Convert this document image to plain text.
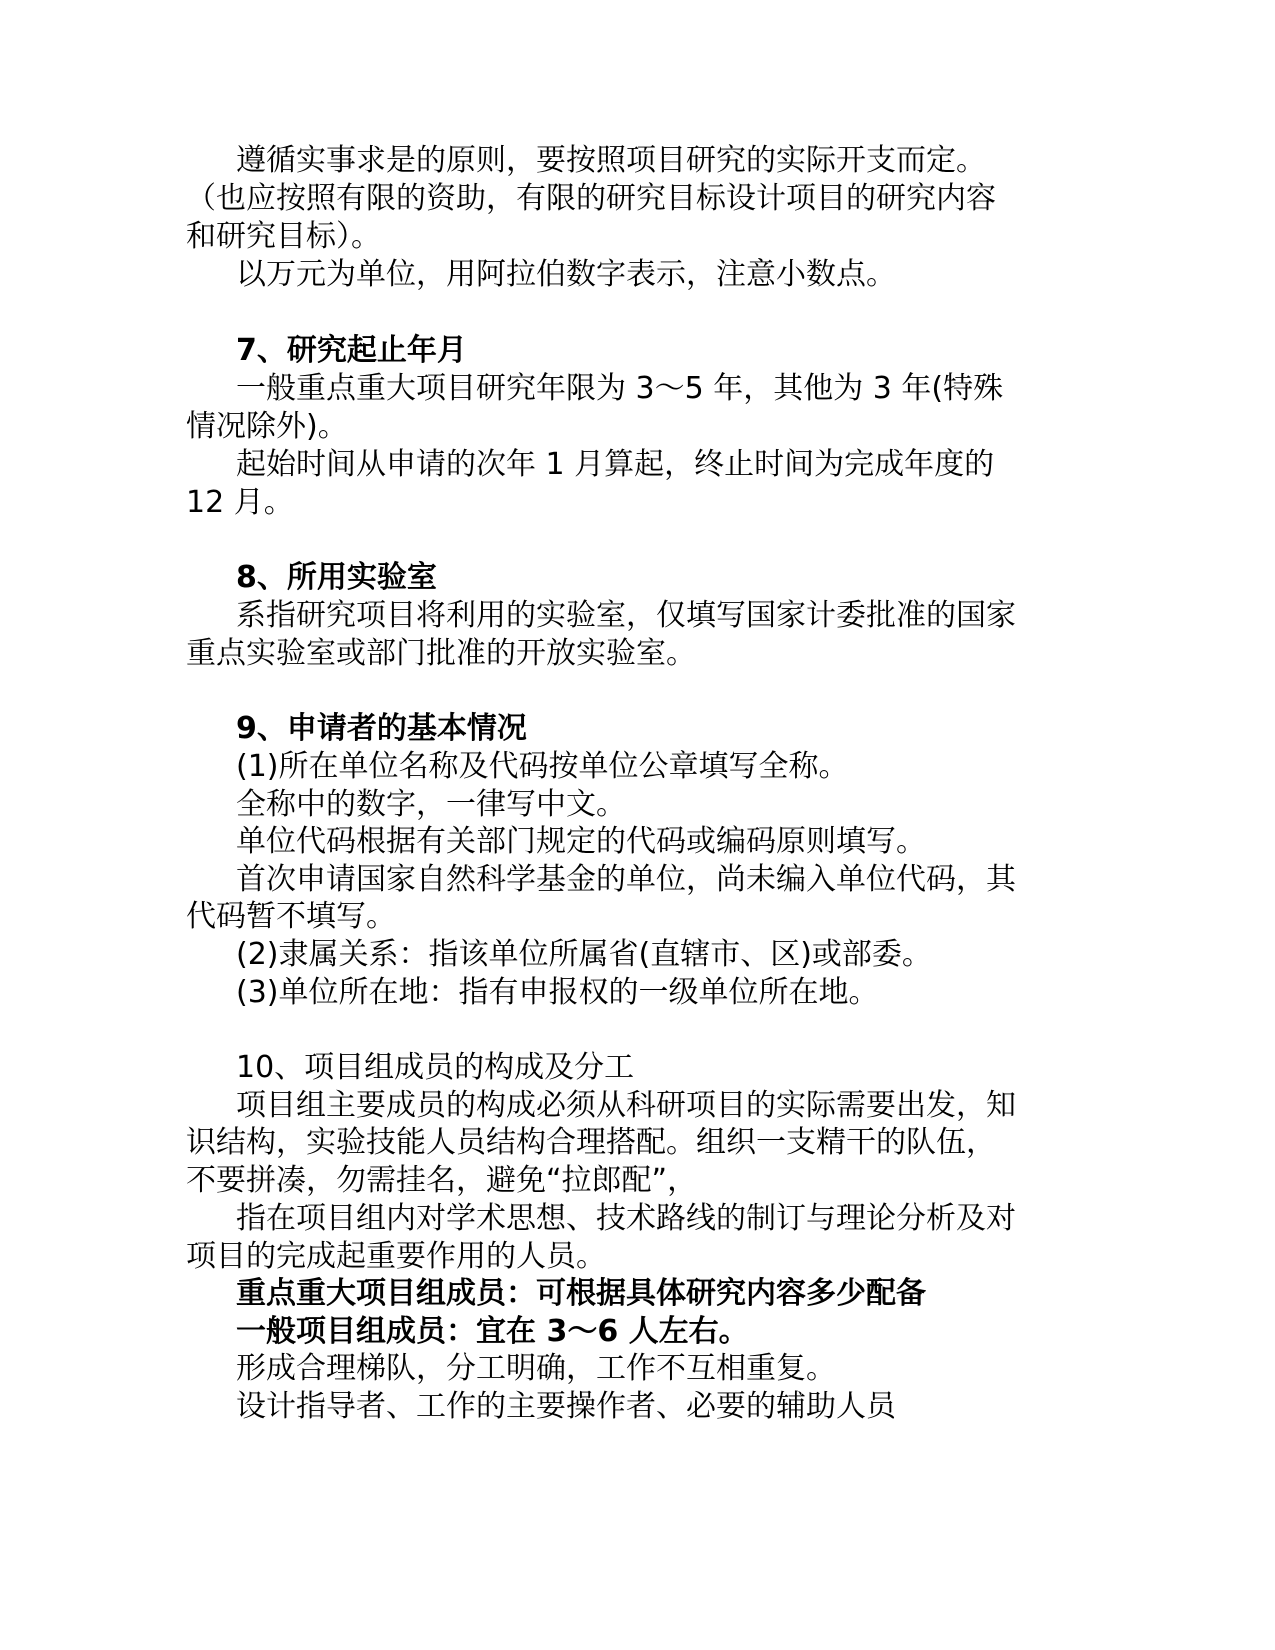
遵循实事求是的原则，要按照项目研究的实际开支而定。
（也应按照有限的资助，有限的研究目标设计项目的研究内容
和研究目标）。
以万元为单位，用阿拉伯数字表示，注意小数点。
7、研究起止年月
一般重点重大项目研究年限为 3～5 年，其他为 3 年(特殊
情况除外)。
起始时间从申请的次年 1 月算起，终止时间为完成年度的
12 月。
8、所用实验室
系指研究项目将利用的实验室，仅填写国家计委批准的国家
重点实验室或部门批准的开放实验室。
9、申请者的基本情况
(1)所在单位名称及代码按单位公章填写全称。
全称中的数字，一律写中文。
单位代码根据有关部门规定的代码或编码原则填写。
首次申请国家自然科学基金的单位，尚未编入单位代码，其
代码暂不填写。
(2)隶属关系：指该单位所属省(直辖市、区)或部委。
(3)单位所在地：指有申报权的一级单位所在地。
10、项目组成员的构成及分工
项目组主要成员的构成必须从科研项目的实际需要出发，知
识结构，实验技能人员结构合理搭配。组织一支精干的队伍，
不要拼凑，勿需挂名，避免“拉郎配”，
指在项目组内对学术思想、技术路线的制订与理论分析及对
项目的完成起重要作用的人员。
重点重大项目组成员：可根据具体研究内容多少配备
一般项目组成员：宜在 3～6 人左右。
形成合理梯队，分工明确，工作不互相重复。
设计指导者、工作的主要操作者、必要的辅助人员
